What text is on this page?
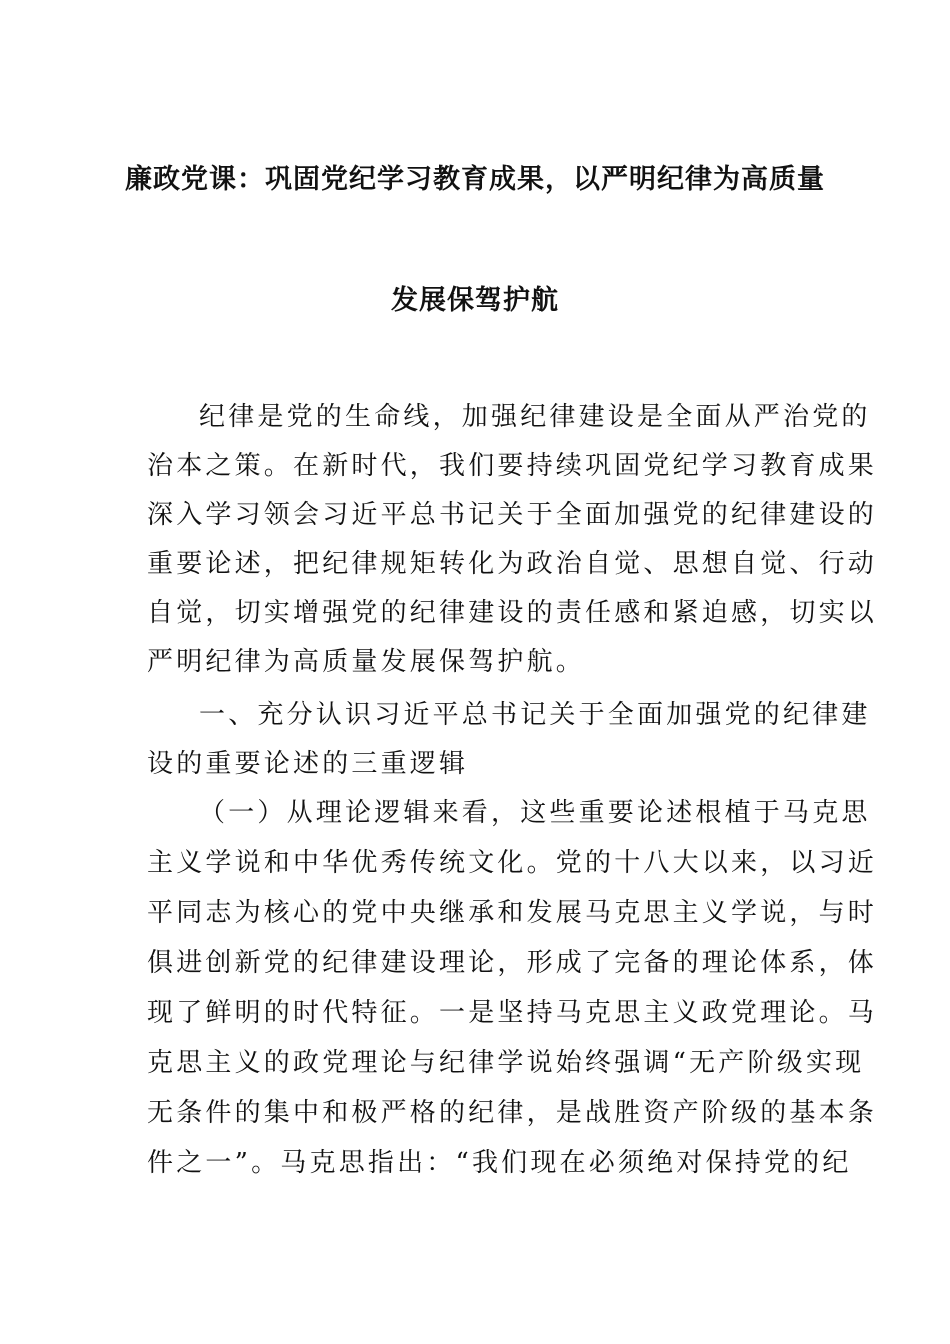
廉政党课：巩固党纪学习教育成果，以严明纪律为高质量
发展保驾护航
纪律是党的生命线，加强纪律建设是全面从严治党的
治本之策。在新时代，我们要持续巩固党纪学习教育成果
深入学习领会习近平总书记关于全面加强党的纪律建设的
重要论述，把纪律规矩转化为政治自觉、思想自觉、行动
自觉，切实增强党的纪律建设的责任感和紧迫感，切实以
严明纪律为高质量发展保驾护航。
一、充分认识习近平总书记关于全面加强党的纪律建
设的重要论述的三重逻辑
（一）从理论逻辑来看，这些重要论述根植于马克思
主义学说和中华优秀传统文化。党的十八大以来，以习近
平同志为核心的党中央继承和发展马克思主义学说，与时
俱进创新党的纪律建设理论，形成了完备的理论体系，体
现了鲜明的时代特征。一是坚持马克思主义政党理论。马
克思主义的政党理论与纪律学说始终强调“无产阶级实现
无条件的集中和极严格的纪律，是战胜资产阶级的基本条
件之一”。马克思指出：“我们现在必须绝对保持党的纪
